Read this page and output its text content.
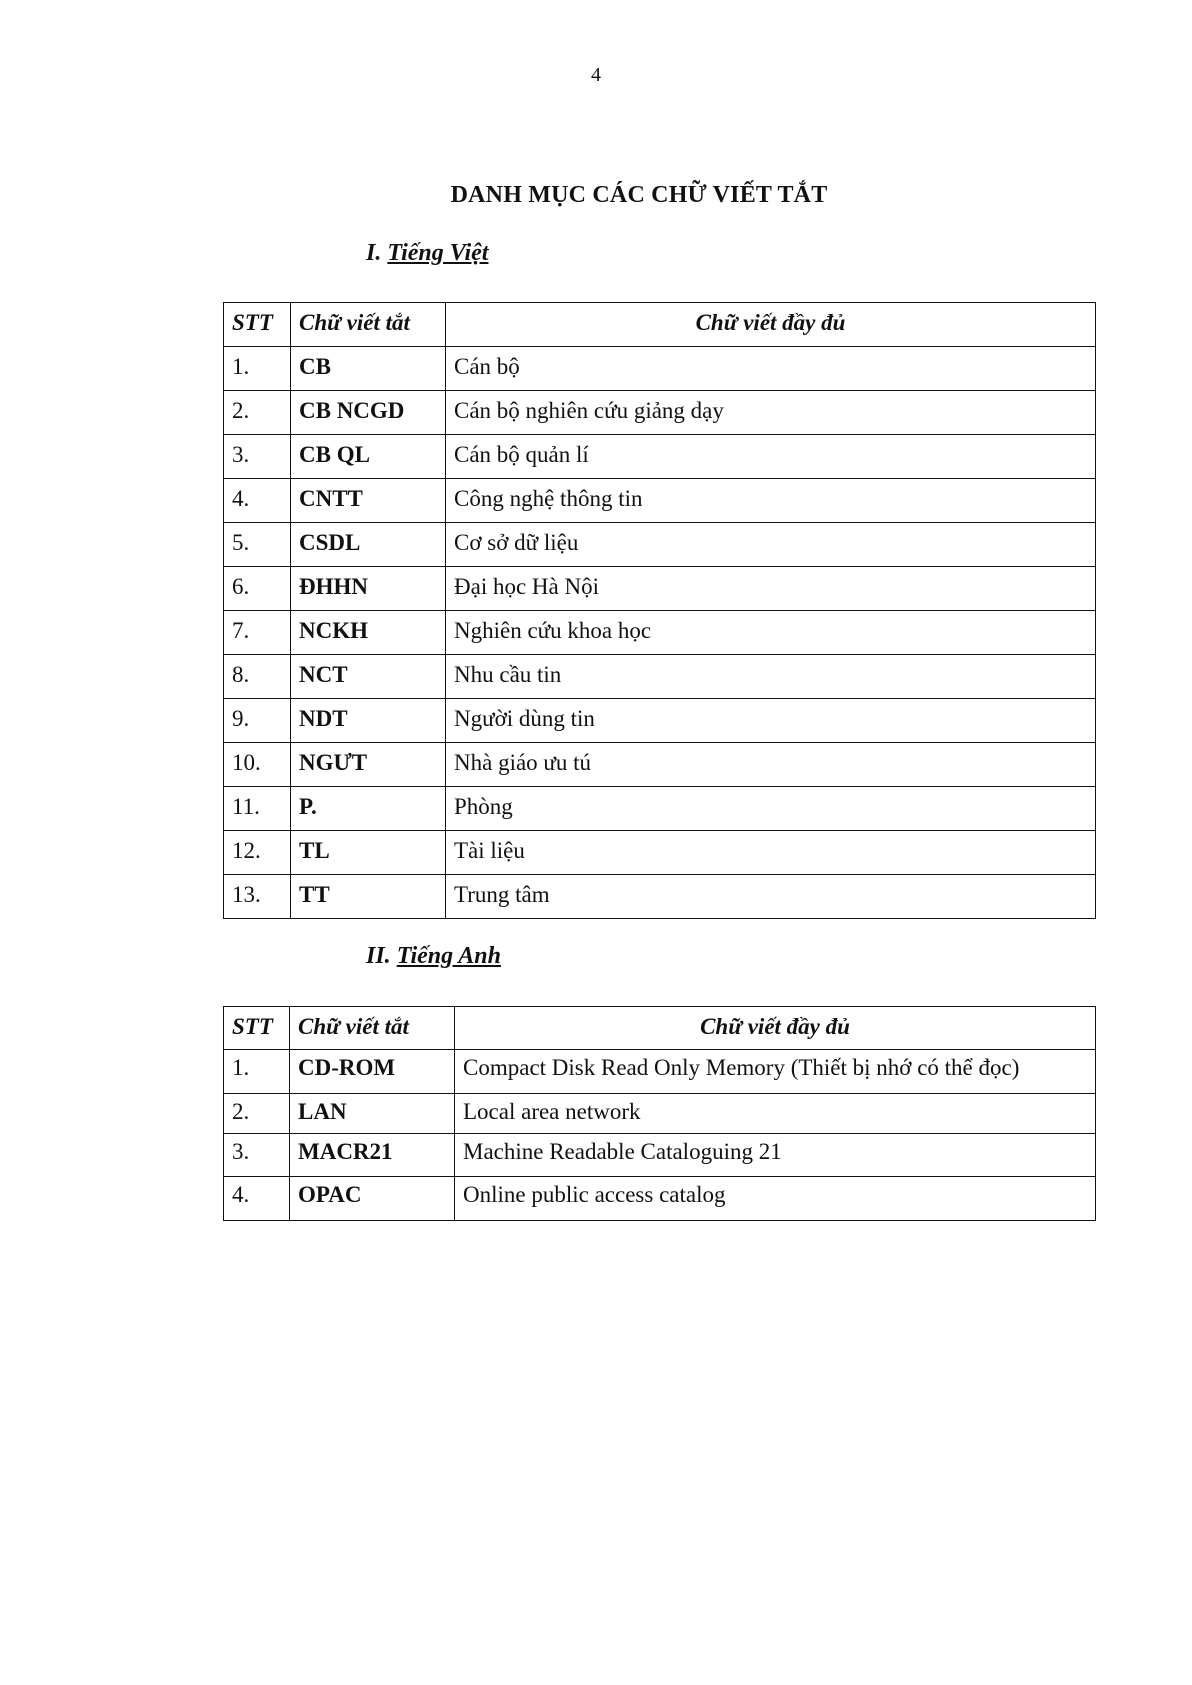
4
DANH MỤC CÁC CHỮ VIẾT TẮT
I. Tiếng Việt
STT	Chữ viết tắt	Chữ viết đầy đủ
1.	CB	Cán bộ
2.	CB NCGD	Cán bộ nghiên cứu giảng dạy
3.	CB QL	Cán bộ quản lí
4.	CNTT	Công nghệ thông tin
5.	CSDL	Cơ sở dữ liệu
6.	ĐHHN	Đại học Hà Nội
7.	NCKH	Nghiên cứu khoa học
8.	NCT	Nhu cầu tin
9.	NDT	Người dùng tin
10.	NGƯT	Nhà giáo ưu tú
11.	P.	Phòng
12.	TL	Tài liệu
13.	TT	Trung tâm
II. Tiếng Anh
STT	Chữ viết tắt	Chữ viết đầy đủ
1.	CD-ROM	Compact Disk Read Only Memory (Thiết bị nhớ có thể đọc)
2.	LAN	Local area network
3.	MACR21	Machine Readable Cataloguing 21
4.	OPAC	Online public access catalog
